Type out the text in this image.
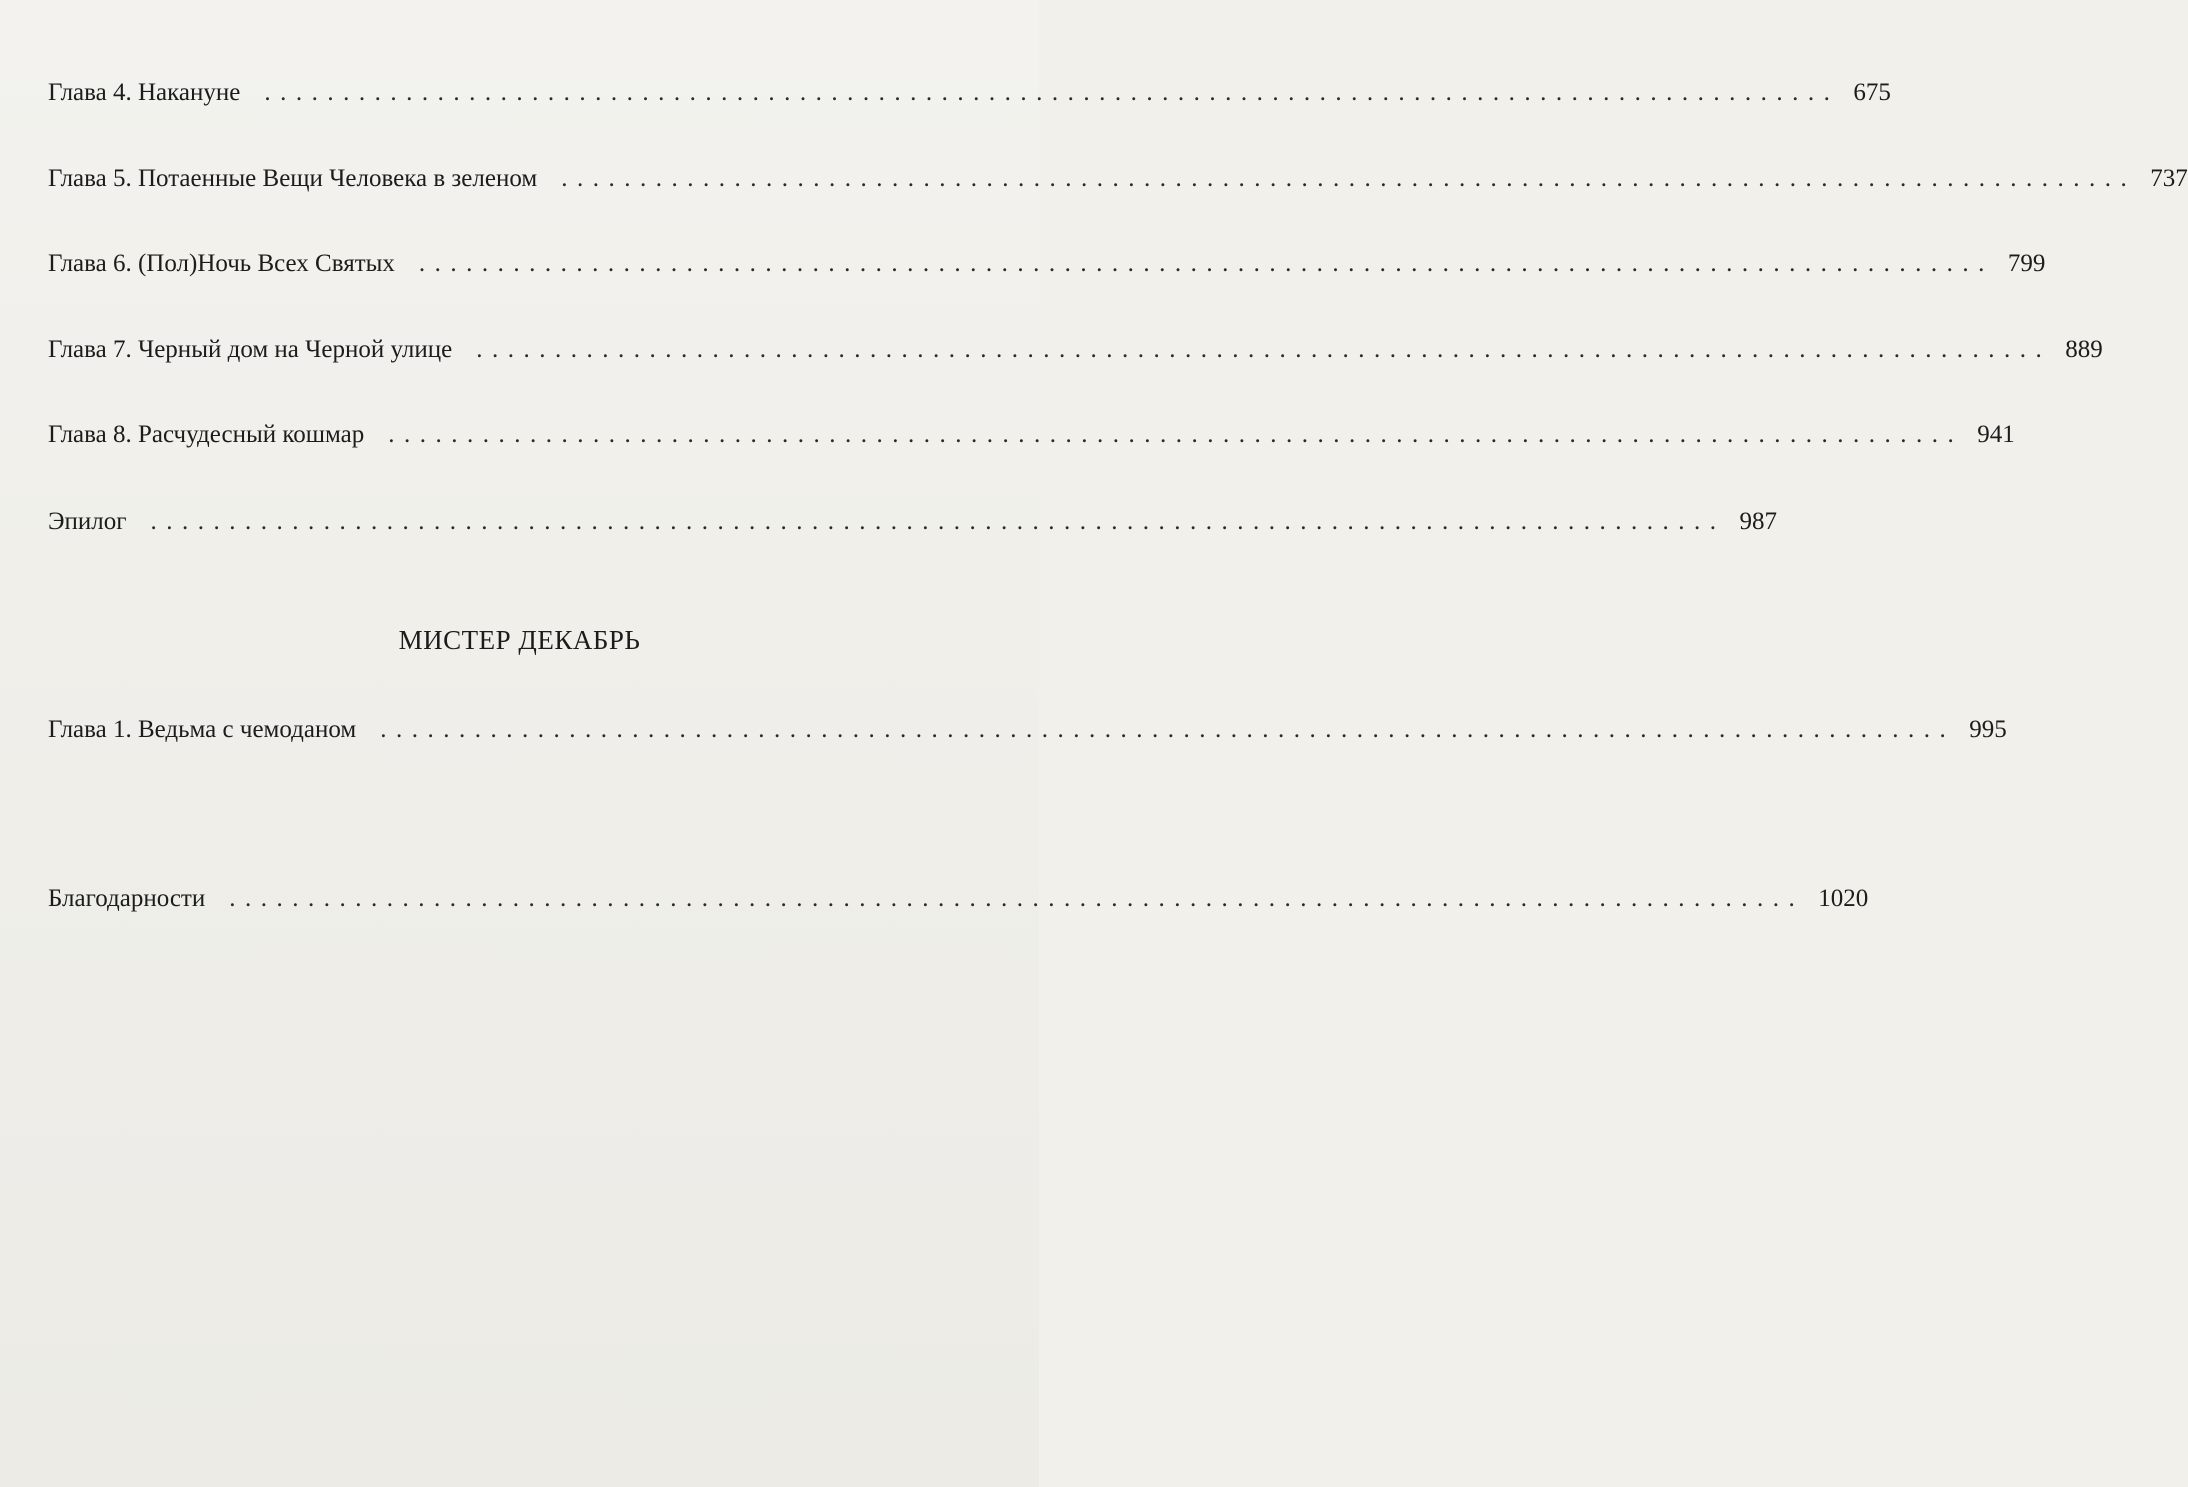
Глава 4. Накануне .................................................................................................... 675
Глава 5. Потаенные Вещи Человека в зеленом .................................................................................................... 737
Глава 6. (Пол)Ночь Всех Святых .................................................................................................... 799
Глава 7. Черный дом на Черной улице .................................................................................................... 889
Глава 8. Расчудесный кошмар .................................................................................................... 941
Эпилог .................................................................................................... 987
МИСТЕР ДЕКАБРЬ
Глава 1. Ведьма с чемоданом .................................................................................................... 995
Благодарности .................................................................................................... 1020
